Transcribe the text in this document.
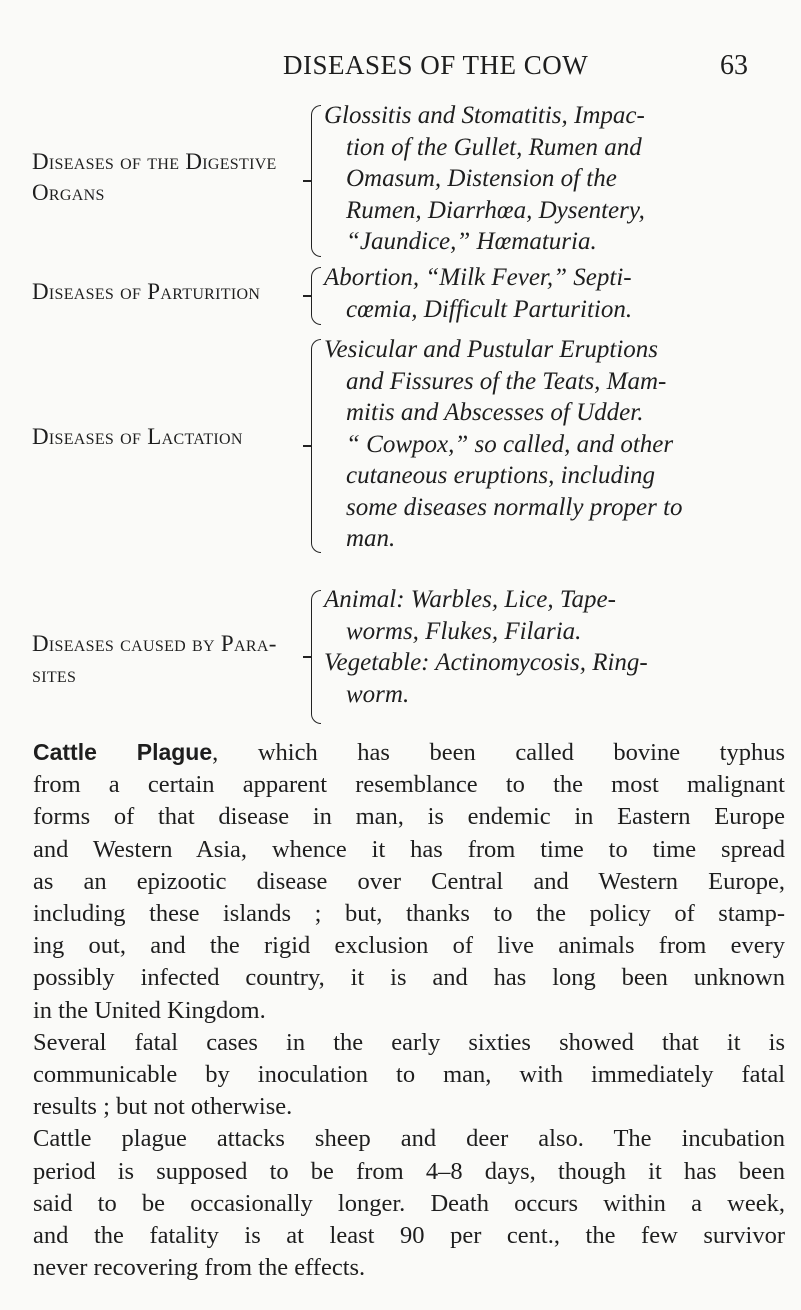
DISEASES OF THE COW	63
Diseases of the Digestive
Organs
Glossitis and Stomatitis, Impac-
tion of the Gullet, Rumen and
Omasum, Distension of the
Rumen, Diarrhœa, Dysentery,
“Jaundice,” Hœmaturia.
Diseases of Parturition
Abortion, “Milk Fever,” Septi-
cœmia, Difficult Parturition.
Diseases of Lactation
Vesicular and Pustular Eruptions
and Fissures of the Teats, Mam-
mitis and Abscesses of Udder.
“ Cowpox,” so called, and other
cutaneous eruptions, including
some diseases normally proper to
man.
Diseases caused by Para-
sites
Animal: Warbles, Lice, Tape-
worms, Flukes, Filaria.
Vegetable: Actinomycosis, Ring-
worm.

Cattle Plague, which has been called bovine typhus
from a certain apparent resemblance to the most malignant
forms of that disease in man, is endemic in Eastern Europe
and Western Asia, whence it has from time to time spread
as an epizootic disease over Central and Western Europe,
including these islands ; but, thanks to the policy of stamp-
ing out, and the rigid exclusion of live animals from every
possibly infected country, it is and has long been unknown
in the United Kingdom.

Several fatal cases in the early sixties showed that it is
communicable by inoculation to man, with immediately fatal
results ; but not otherwise.

Cattle plague attacks sheep and deer also. The incubation
period is supposed to be from 4–8 days, though it has been
said to be occasionally longer. Death occurs within a week,
and the fatality is at least 90 per cent., the few survivor
never recovering from the effects.
